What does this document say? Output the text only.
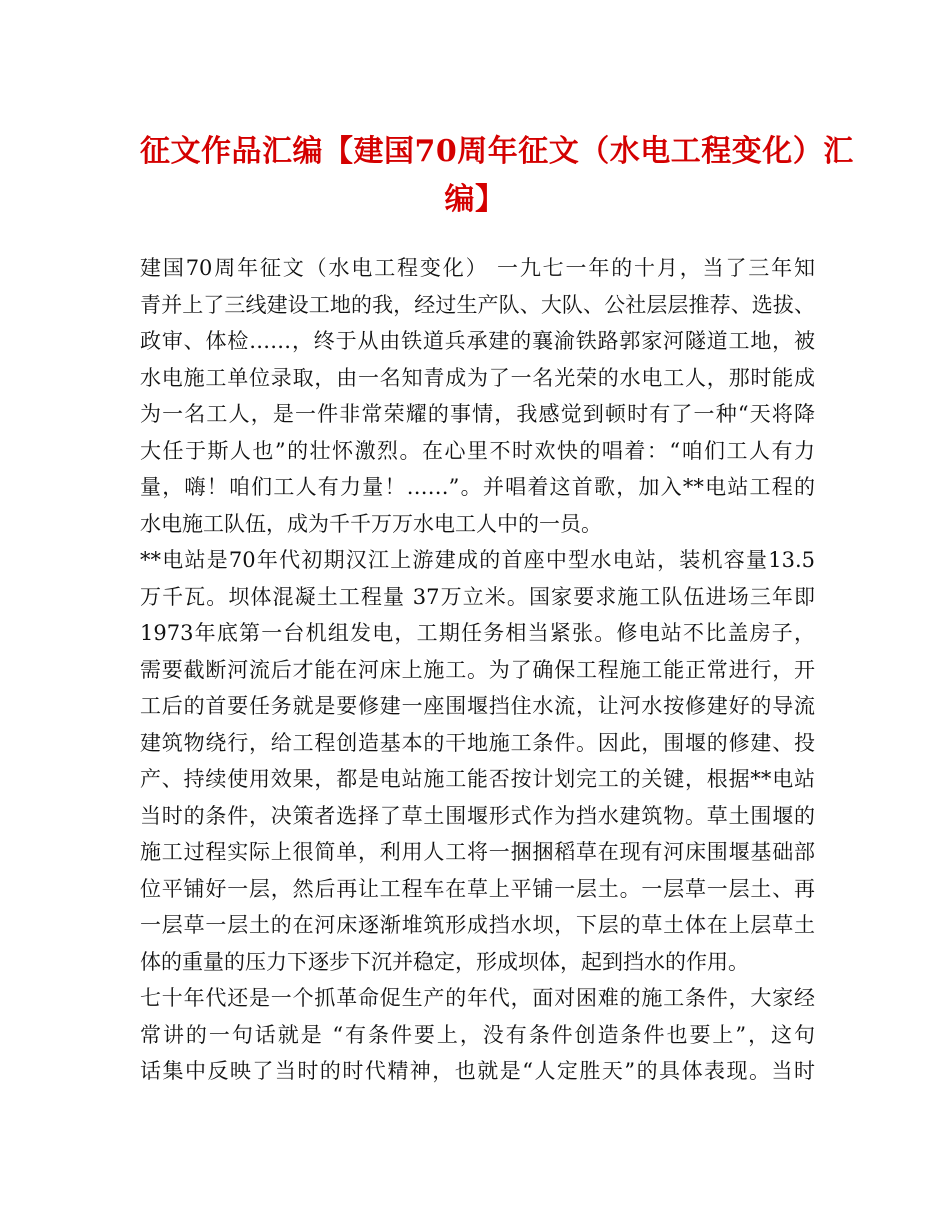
征文作品汇编【建国70周年征文（水电工程变化）汇
编】
建国70周年征文（水电工程变化） 一九七一年的十月，当了三年知
青并上了三线建设工地的我，经过生产队、大队、公社层层推荐、选拔、
政审、体检……，终于从由铁道兵承建的襄渝铁路郭家河隧道工地，被
水电施工单位录取，由一名知青成为了一名光荣的水电工人，那时能成
为一名工人，是一件非常荣耀的事情，我感觉到顿时有了一种“天将降
大任于斯人也”的壮怀激烈。在心里不时欢快的唱着：“咱们工人有力
量，嗨！咱们工人有力量！……”。并唱着这首歌，加入**电站工程的
水电施工队伍，成为千千万万水电工人中的一员。
**电站是70年代初期汉江上游建成的首座中型水电站，装机容量13.5
万千瓦。坝体混凝土工程量 37万立米。国家要求施工队伍进场三年即
1973年底第一台机组发电，工期任务相当紧张。修电站不比盖房子，
需要截断河流后才能在河床上施工。为了确保工程施工能正常进行，开
工后的首要任务就是要修建一座围堰挡住水流，让河水按修建好的导流
建筑物绕行，给工程创造基本的干地施工条件。因此，围堰的修建、投
产、持续使用效果，都是电站施工能否按计划完工的关键，根据**电站
当时的条件，决策者选择了草土围堰形式作为挡水建筑物。草土围堰的
施工过程实际上很简单，利用人工将一捆捆稻草在现有河床围堰基础部
位平铺好一层，然后再让工程车在草上平铺一层土。一层草一层土、再
一层草一层土的在河床逐渐堆筑形成挡水坝，下层的草土体在上层草土
体的重量的压力下逐步下沉并稳定，形成坝体，起到挡水的作用。
七十年代还是一个抓革命促生产的年代，面对困难的施工条件，大家经
常讲的一句话就是 “有条件要上，没有条件创造条件也要上”，这句
话集中反映了当时的时代精神，也就是“人定胜天”的具体表现。当时
